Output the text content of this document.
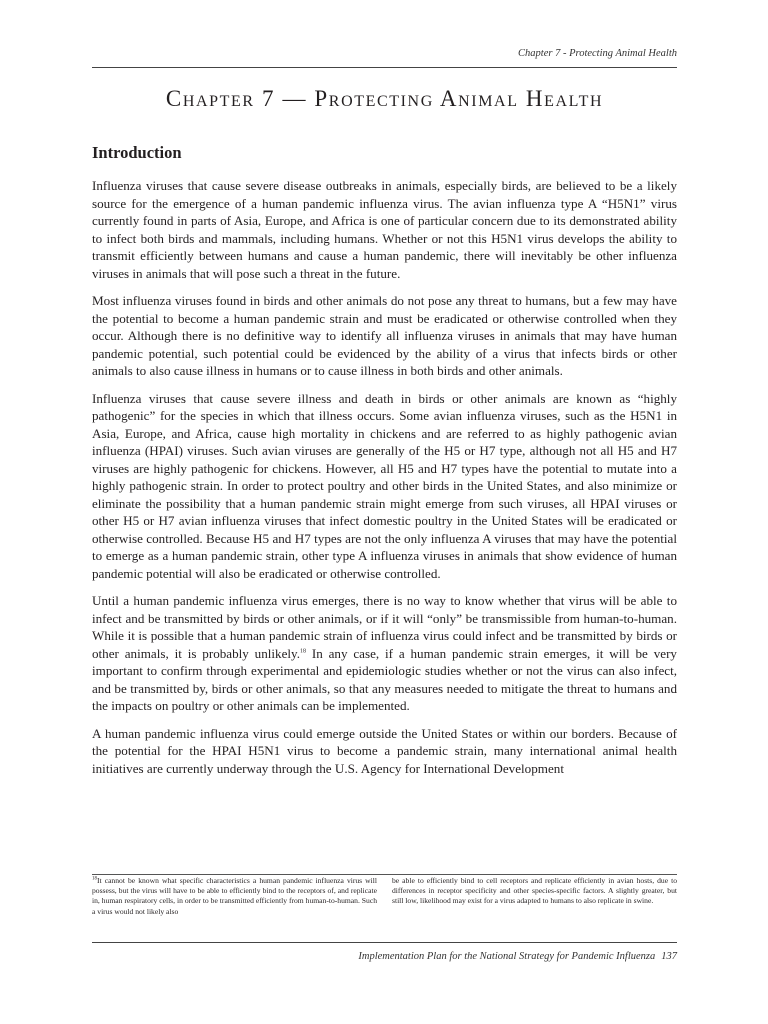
Chapter 7 - Protecting Animal Health
Chapter 7 — Protecting Animal Health
Introduction

Influenza viruses that cause severe disease outbreaks in animals, especially birds, are believed to be a likely source for the emergence of a human pandemic influenza virus. The avian influenza type A “H5N1” virus currently found in parts of Asia, Europe, and Africa is one of particular concern due to its demonstrated ability to infect both birds and mammals, including humans. Whether or not this H5N1 virus develops the ability to transmit efficiently between humans and cause a human pandemic, there will inevitably be other influenza viruses in animals that will pose such a threat in the future.

Most influenza viruses found in birds and other animals do not pose any threat to humans, but a few may have the potential to become a human pandemic strain and must be eradicated or otherwise controlled when they occur. Although there is no definitive way to identify all influenza viruses in animals that may have human pandemic potential, such potential could be evidenced by the ability of a virus that infects birds or other animals to also cause illness in humans or to cause illness in both birds and other animals.

Influenza viruses that cause severe illness and death in birds or other animals are known as “highly pathogenic” for the species in which that illness occurs. Some avian influenza viruses, such as the H5N1 in Asia, Europe, and Africa, cause high mortality in chickens and are referred to as highly pathogenic avian influenza (HPAI) viruses. Such avian viruses are generally of the H5 or H7 type, although not all H5 and H7 viruses are highly pathogenic for chickens. However, all H5 and H7 types have the potential to mutate into a highly pathogenic strain. In order to protect poultry and other birds in the United States, and also minimize or eliminate the possibility that a human pandemic strain might emerge from such viruses, all HPAI viruses or other H5 or H7 avian influenza viruses that infect domestic poultry in the United States will be eradicated or otherwise controlled. Because H5 and H7 types are not the only influenza A viruses that may have the potential to emerge as a human pandemic strain, other type A influenza viruses in animals that show evidence of human pandemic potential will also be eradicated or otherwise controlled.

Until a human pandemic influenza virus emerges, there is no way to know whether that virus will be able to infect and be transmitted by birds or other animals, or if it will “only” be transmissible from human-to-human. While it is possible that a human pandemic strain of influenza virus could infect and be transmitted by birds or other animals, it is probably unlikely.$^{18}$ In any case, if a human pandemic strain emerges, it will be very important to confirm through experimental and epidemiologic studies whether or not the virus can also infect, and be transmitted by, birds or other animals, so that any measures needed to mitigate the threat to humans and the impacts on poultry or other animals can be implemented.

A human pandemic influenza virus could emerge outside the United States or within our borders. Because of the potential for the HPAI H5N1 virus to become a pandemic strain, many international animal health initiatives are currently underway through the U.S. Agency for International Development

$^{18}$It cannot be known what specific characteristics a human pandemic influenza virus will possess, but the virus will have to be able to efficiently bind to the receptors of, and replicate in, human respiratory cells, in order to be transmitted efficiently from human-to-human. Such a virus would not likely also
be able to efficiently bind to cell receptors and replicate efficiently in avian hosts, due to differences in receptor specificity and other species-specific factors. A slightly greater, but still low, likelihood may exist for a virus adapted to humans to also replicate in swine.
Implementation Plan for the National Strategy for Pandemic Influenza 137
